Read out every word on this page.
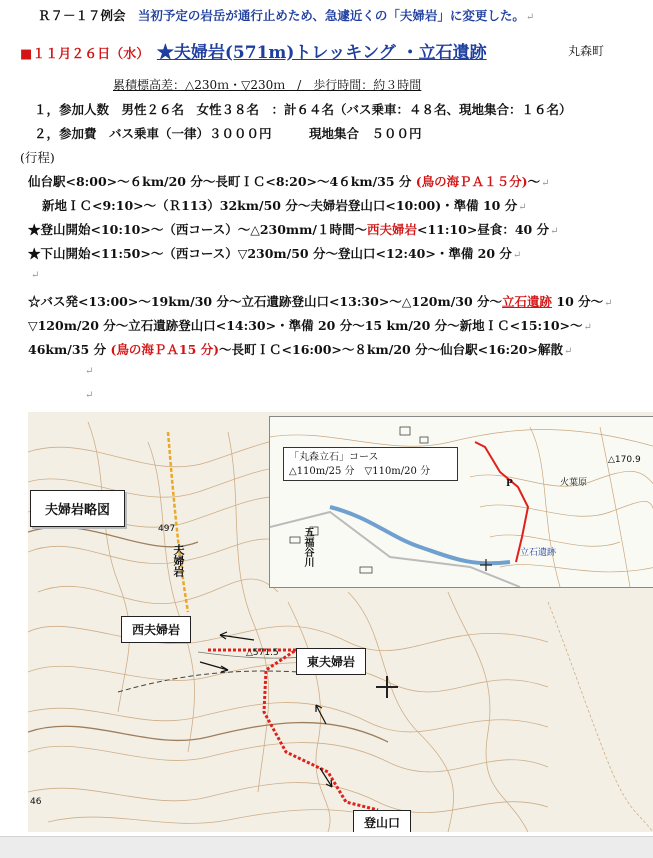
Ｒ７－１７例会 当初予定の岩岳が通行止めため、急遽近くの「夫婦岩」に変更した。↵
■１１月２６日（水） ★夫婦岩(571m)トレッキング ・立石遺跡	丸森町
累積標高差：△230ｍ・▽230ｍ　/　歩行時間：約３時間
１，参加人数　男性２６名　女性３８名　：計６４名（バス乗車：４８名、現地集合：１６名）
２，参加費　バス乗車（一律）３０００円　　　現地集合　５００円
(行程)
仙台駅<8:00>〜６km/20 分〜長町ＩＣ<8:20>〜4６km/35 分 (鳥の海ＰＡ１５分)〜↵
新地ＩＣ<9:10>〜（Ｒ113）32km/50 分〜夫婦岩登山口<10:00)・準備 10 分↵
★登山開始<10:10>〜（西コース）〜△230mm/１時間〜西夫婦岩<11:10>昼食：40 分↵
★下山開始<11:50>〜（西コース）▽230m/50 分〜登山口<12:40>・準備 20 分↵
↵
☆バス発<13:00>〜19km/30 分〜立石遺跡登山口<13:30>〜△120m/30 分〜立石遺跡 10 分〜↵
▽120m/20 分〜立石遺跡登山口<14:30>・準備 20 分〜15 km/20 分〜新地ＩＣ<15:10>〜↵
46km/35 分 (鳥の海ＰＡ15 分)〜長町ＩＣ<16:00>〜８km/20 分〜仙台駅<16:20>解散↵
↵
↵
夫婦岩略図
497
夫婦岩
46
△571.5
西夫婦岩
東夫婦岩
登山口
「丸森立石」コース
△110m/25 分　▽110m/20 分
火葉原
△170.9
P
立石遺跡
五福谷川
